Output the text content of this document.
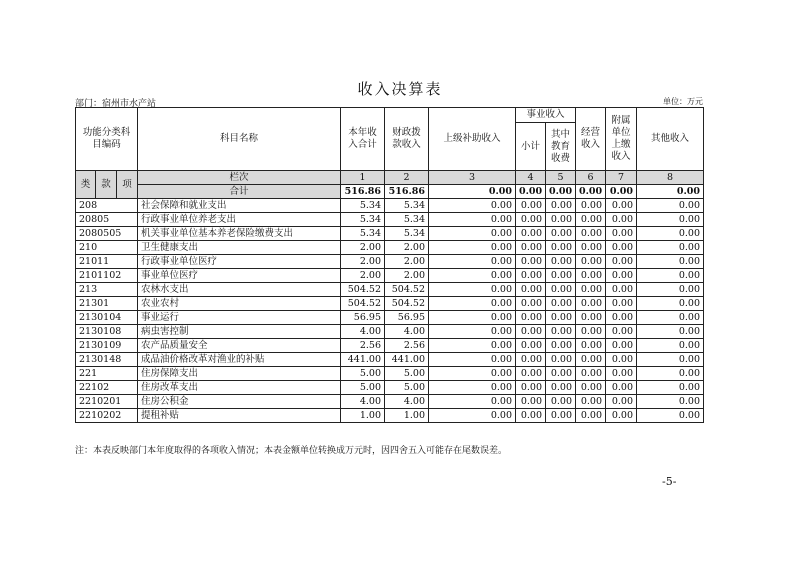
收入决算表
部门：宿州市水产站	单位：万元
功能分类科目编码			科目名称	本年收入合计	财政拨款收入	上级补助收入	事业收入		经营收入	附属单位上缴收入	其他收入
							小计	其中教育收费			

类	款	项	栏次	1	2	3	4	5	6	7	8
			合计	516.86	516.86	0.00	0.00	0.00	0.00	0.00	0.00
208			社会保障和就业支出	5.34	5.34	0.00	0.00	0.00	0.00	0.00	0.00
20805			行政事业单位养老支出	5.34	5.34	0.00	0.00	0.00	0.00	0.00	0.00
2080505			机关事业单位基本养老保险缴费支出	5.34	5.34	0.00	0.00	0.00	0.00	0.00	0.00
210			卫生健康支出	2.00	2.00	0.00	0.00	0.00	0.00	0.00	0.00
21011			行政事业单位医疗	2.00	2.00	0.00	0.00	0.00	0.00	0.00	0.00
2101102			事业单位医疗	2.00	2.00	0.00	0.00	0.00	0.00	0.00	0.00
213			农林水支出	504.52	504.52	0.00	0.00	0.00	0.00	0.00	0.00
21301			农业农村	504.52	504.52	0.00	0.00	0.00	0.00	0.00	0.00
2130104			事业运行	56.95	56.95	0.00	0.00	0.00	0.00	0.00	0.00
2130108			病虫害控制	4.00	4.00	0.00	0.00	0.00	0.00	0.00	0.00
2130109			农产品质量安全	2.56	2.56	0.00	0.00	0.00	0.00	0.00	0.00
2130148			成品油价格改革对渔业的补贴	441.00	441.00	0.00	0.00	0.00	0.00	0.00	0.00
221			住房保障支出	5.00	5.00	0.00	0.00	0.00	0.00	0.00	0.00
22102			住房改革支出	5.00	5.00	0.00	0.00	0.00	0.00	0.00	0.00
2210201			住房公积金	4.00	4.00	0.00	0.00	0.00	0.00	0.00	0.00
2210202			提租补贴	1.00	1.00	0.00	0.00	0.00	0.00	0.00	0.00
注：本表反映部门本年度取得的各项收入情况；本表金额单位转换成万元时，因四舍五入可能存在尾数误差。
-5-
